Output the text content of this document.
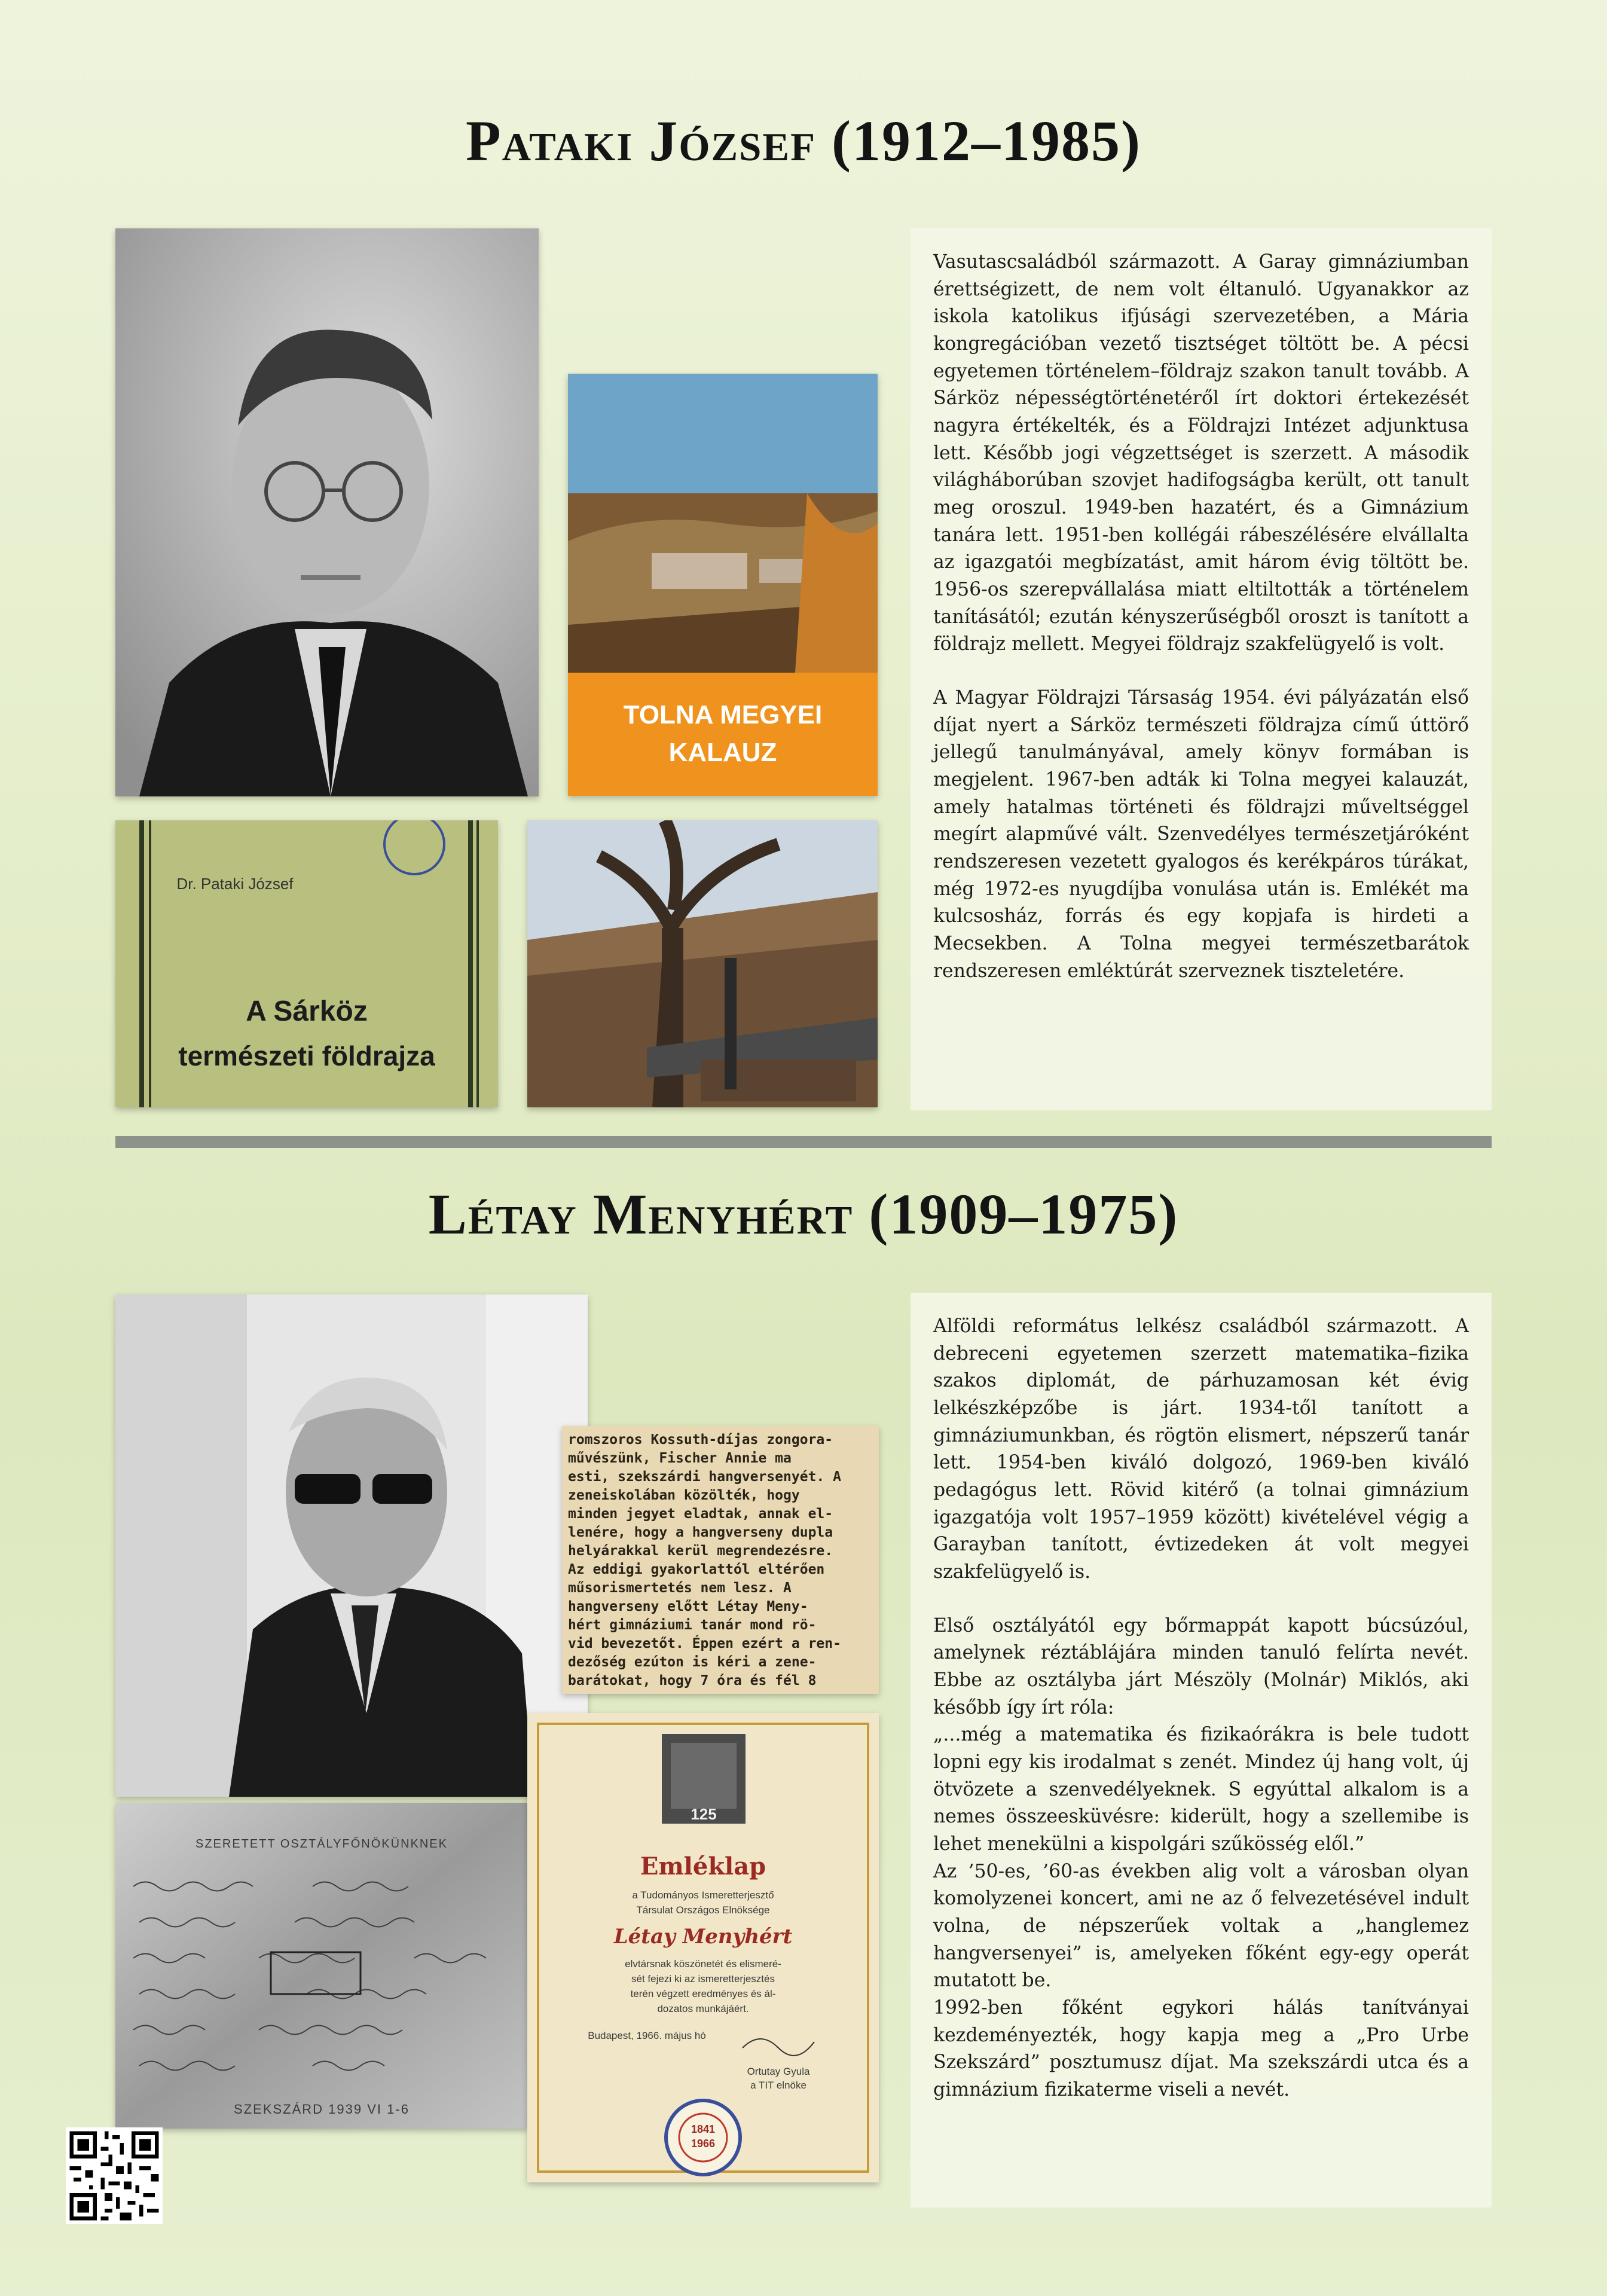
Pataki József (1912–1985)
TOLNA MEGYEI
KALAUZ
Dr. Pataki József
A Sárköz
természeti földrajza

Vasutascsaládból származott. A Garay gimnáziumban érettségizett, de nem volt éltanuló. Ugyanakkor az iskola katolikus ifjúsági szervezetében, a Mária kongregációban vezető tisztséget töltött be. A pécsi egyetemen történelem–földrajz szakon tanult tovább. A Sárköz népességtörténetéről írt doktori értekezését nagyra értékelték, és a Földrajzi Intézet adjunktusa lett. Később jogi végzettséget is szerzett. A második világháborúban szovjet hadifogságba került, ott tanult meg oroszul. 1949-ben hazatért, és a Gimnázium tanára lett. 1951-ben kollégái rábeszélésére elvállalta az igazgatói megbízatást, amit három évig töltött be. 1956-os szerepvállalása miatt eltiltották a történelem tanításától; ezután kényszerűségből oroszt is tanított a földrajz mellett. Megyei földrajz szakfelügyelő is volt.

A Magyar Földrajzi Társaság 1954. évi pályázatán első díjat nyert a Sárköz természeti földrajza című úttörő jellegű tanulmányával, amely könyv formában is megjelent. 1967-ben adták ki Tolna megyei kalauzát, amely hatalmas történeti és földrajzi műveltséggel megírt alapművé vált. Szenvedélyes természetjáróként rendszeresen vezetett gyalogos és kerékpáros túrákat, még 1972-es nyugdíjba vonulása után is. Emlékét ma kulcsosház, forrás és egy kopjafa is hirdeti a Mecsekben. A Tolna megyei természetbarátok rendszeresen emléktúrát szerveznek tiszteletére.

Létay Menyhért (1909–1975)
romszoros Kossuth-díjas zongora-
művészünk, Fischer Annie ma
esti, szekszárdi hangversenyét. A
zeneiskolában közölték, hogy
minden jegyet eladtak, annak el-
lenére, hogy a hangverseny dupla
helyárakkal kerül megrendezésre.
Az eddigi gyakorlattól eltérően
műsorismertetés nem lesz. A
hangverseny előtt Létay Meny-
hért gimnáziumi tanár mond rö-
vid bevezetőt. Éppen ezért a ren-
dezőség ezúton is kéri a zene-
barátokat, hogy 7 óra és fél 8
SZERETETT OSZTÁLYFŐNÖKÜNKNEK
SZEKSZÁRD 1939 VI 1-6
125
Emléklap
a Tudományos Ismeretterjesztő
Társulat Országos Elnöksége
Létay Menyhért
elvtársnak köszönetét és elismeré-
sét fejezi ki az ismeretterjesztés
terén végzett eredményes és ál-
dozatos munkájáért.
Budapest, 1966. május hó
Ortutay Gyula
a TIT elnöke
1841
1966

Alföldi református lelkész családból származott. A debreceni egyetemen szerzett matematika–fizika szakos diplomát, de párhuzamosan két évig lelkészképzőbe is járt. 1934-től tanított a gimnáziumunkban, és rögtön elismert, népszerű tanár lett. 1954-ben kiváló dolgozó, 1969-ben kiváló pedagógus lett. Rövid kitérő (a tolnai gimnázium igazgatója volt 1957–1959 között) kivételével végig a Garayban tanított, évtizedeken át volt megyei szakfelügyelő is.

Első osztályától egy bőrmappát kapott búcsúzóul, amelynek réztáblájára minden tanuló felírta nevét. Ebbe az osztályba járt Mészöly (Molnár) Miklós, aki később így írt róla:

„...még a matematika és fizikaórákra is bele tudott lopni egy kis irodalmat s zenét. Mindez új hang volt, új ötvözete a szenvedélyeknek. S egyúttal alkalom is a nemes összeesküvésre: kiderült, hogy a szellemibe is lehet menekülni a kispolgári szűkösség elől.”

Az ’50-es, ’60-as években alig volt a városban olyan komolyzenei koncert, ami ne az ő felvezetésével indult volna, de népszerűek voltak a „hanglemez hangversenyei” is, amelyeken főként egy-egy operát mutatott be.

1992-ben főként egykori hálás tanítványai kezdeményezték, hogy kapja meg a „Pro Urbe Szekszárd” posztumusz díjat. Ma szekszárdi utca és a gimnázium fizikaterme viseli a nevét.
